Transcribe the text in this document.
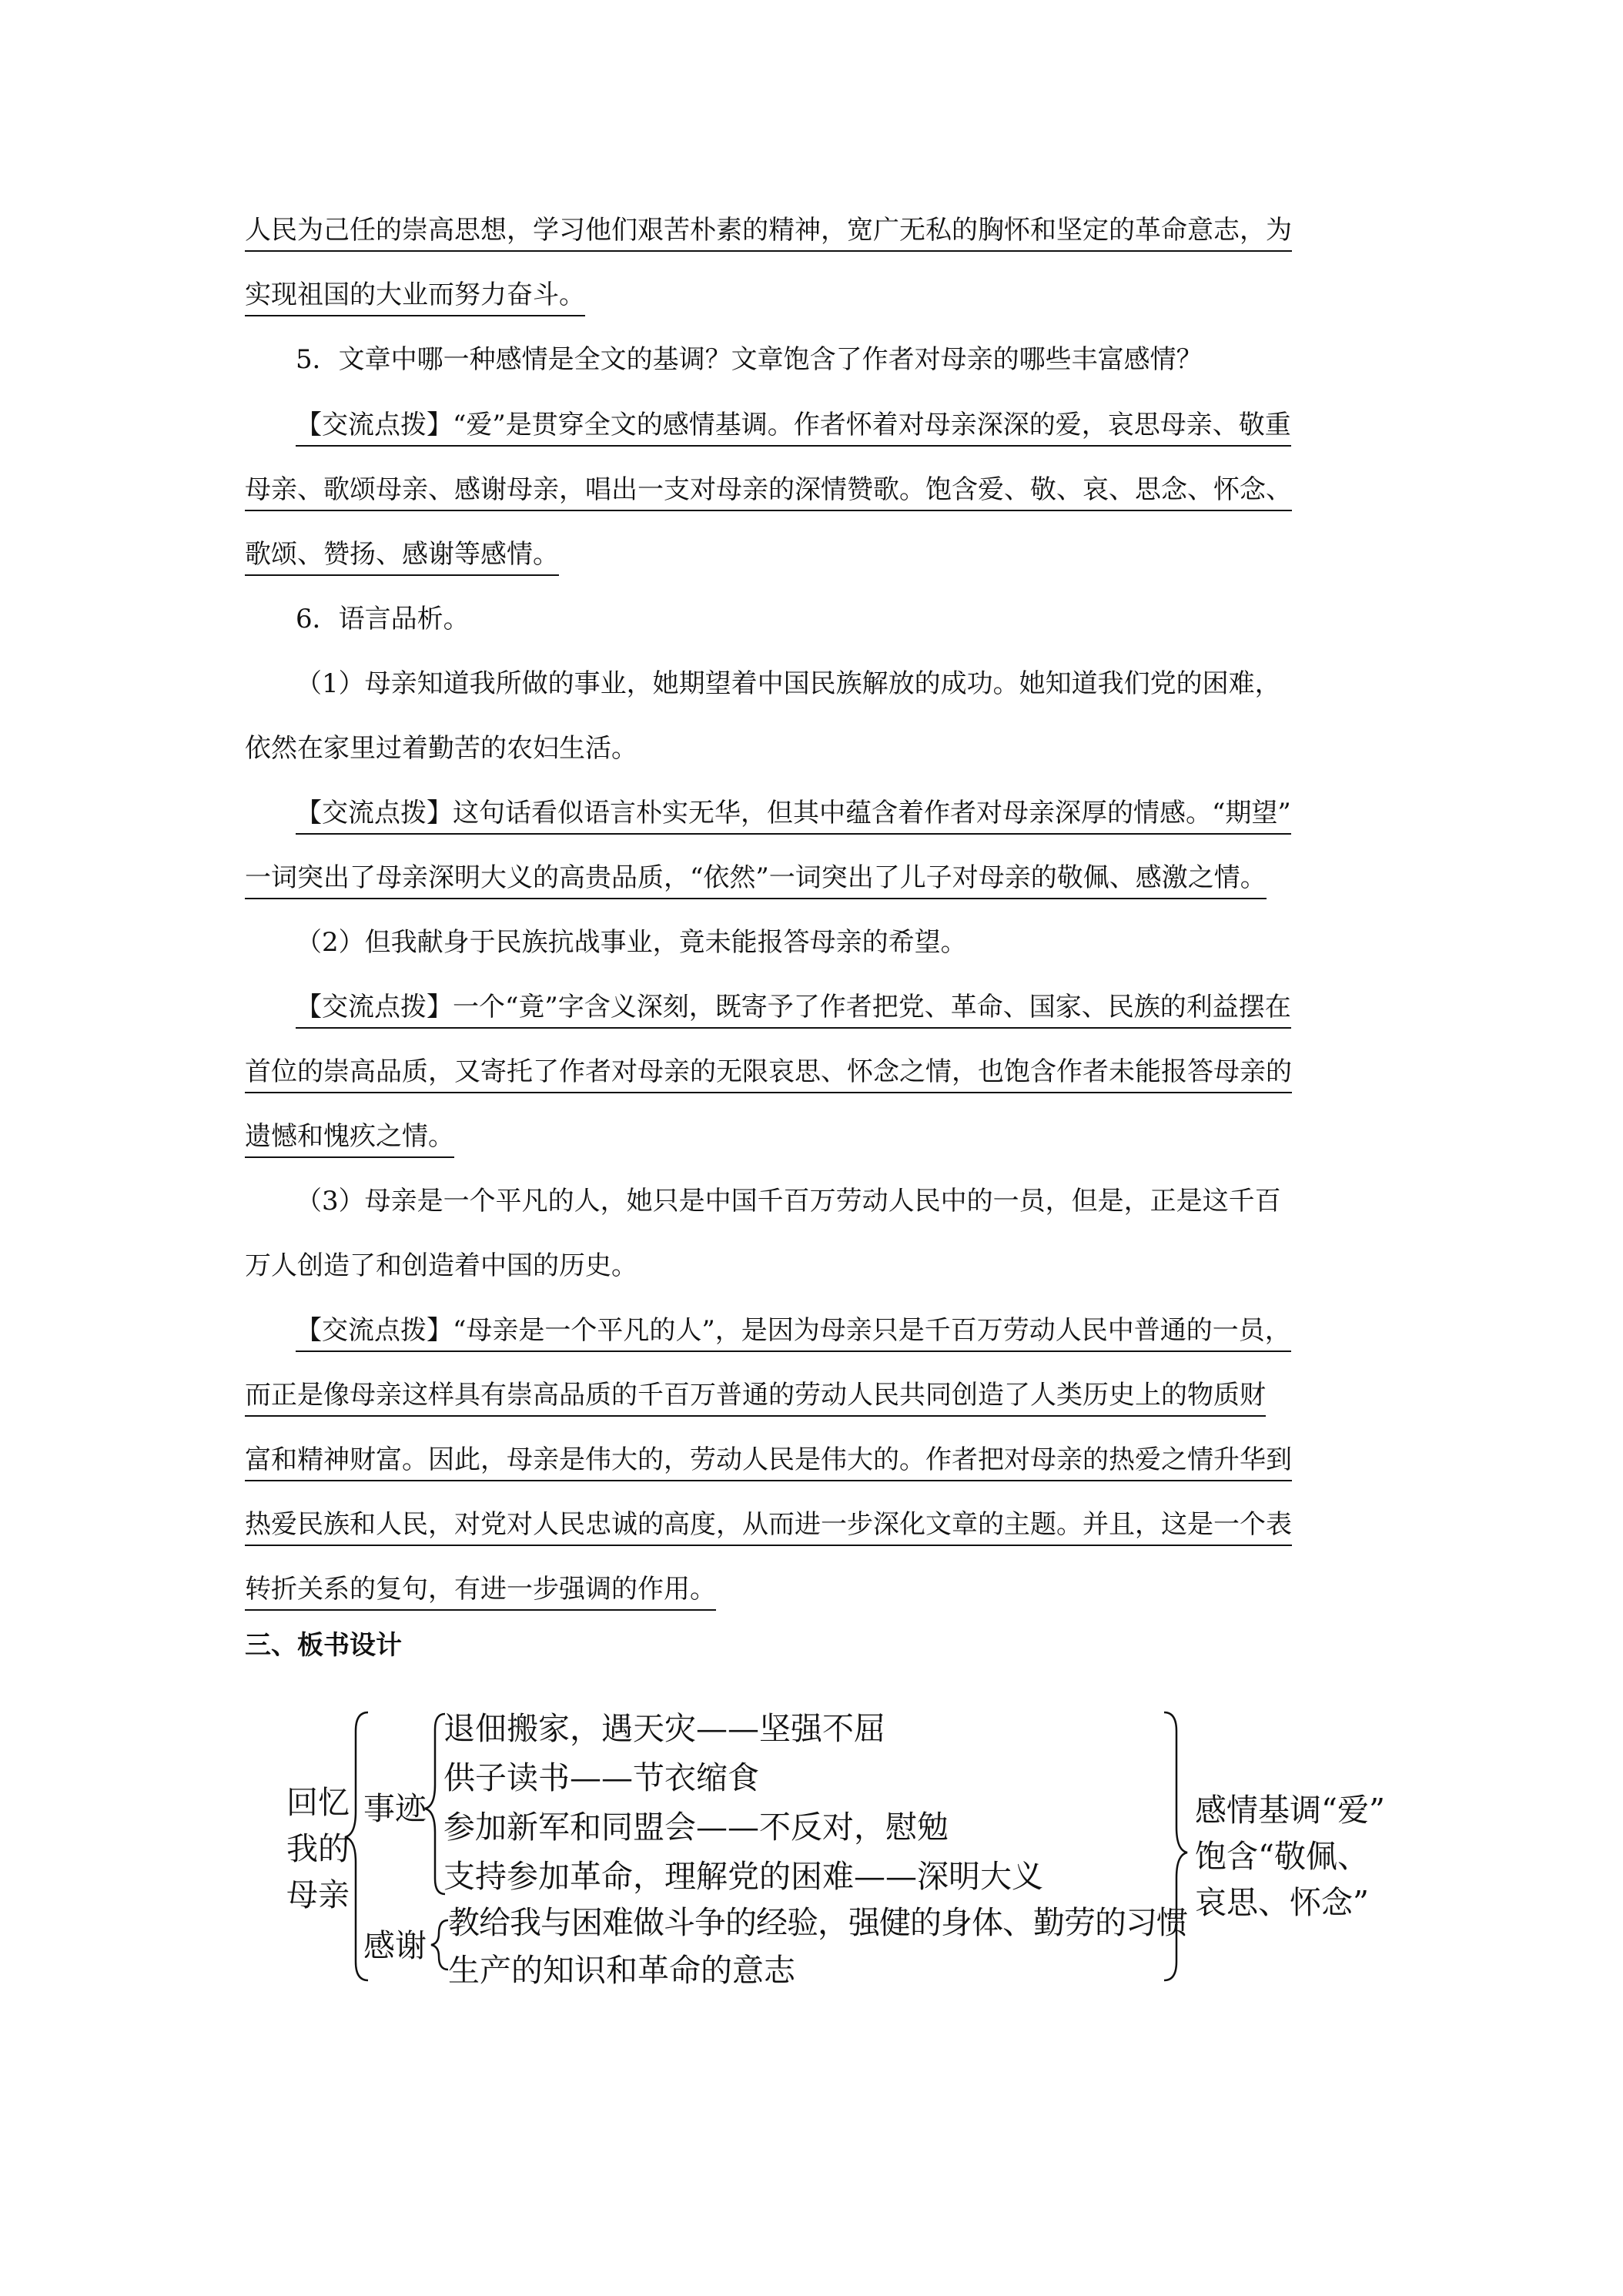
人民为己任的崇高思想，学习他们艰苦朴素的精神，宽广无私的胸怀和坚定的革命意志，为
实现祖国的大业而努力奋斗。
5．文章中哪一种感情是全文的基调？文章饱含了作者对母亲的哪些丰富感情？
【交流点拨】“爱”是贯穿全文的感情基调。作者怀着对母亲深深的爱，哀思母亲、敬重
母亲、歌颂母亲、感谢母亲，唱出一支对母亲的深情赞歌。饱含爱、敬、哀、思念、怀念、
歌颂、赞扬、感谢等感情。
6．语言品析。
（1）母亲知道我所做的事业，她期望着中国民族解放的成功。她知道我们党的困难，
依然在家里过着勤苦的农妇生活。
【交流点拨】这句话看似语言朴实无华，但其中蕴含着作者对母亲深厚的情感。“期望”
一词突出了母亲深明大义的高贵品质，“依然”一词突出了儿子对母亲的敬佩、感激之情。
（2）但我献身于民族抗战事业，竟未能报答母亲的希望。
【交流点拨】一个“竟”字含义深刻，既寄予了作者把党、革命、国家、民族的利益摆在
首位的崇高品质，又寄托了作者对母亲的无限哀思、怀念之情，也饱含作者未能报答母亲的
遗憾和愧疚之情。
（3）母亲是一个平凡的人，她只是中国千百万劳动人民中的一员，但是，正是这千百
万人创造了和创造着中国的历史。
【交流点拨】“母亲是一个平凡的人”，是因为母亲只是千百万劳动人民中普通的一员，
而正是像母亲这样具有崇高品质的千百万普通的劳动人民共同创造了人类历史上的物质财
富和精神财富。因此，母亲是伟大的，劳动人民是伟大的。作者把对母亲的热爱之情升华到
热爱民族和人民，对党对人民忠诚的高度，从而进一步深化文章的主题。并且，这是一个表
转折关系的复句，有进一步强调的作用。
三、板书设计
回忆
我的
母亲
事迹
退佃搬家，遇天灾——坚强不屈
供子读书——节衣缩食
参加新军和同盟会——不反对，慰勉
支持参加革命，理解党的困难——深明大义
感谢
教给我与困难做斗争的经验，强健的身体、勤劳的习惯
生产的知识和革命的意志
感情基调“爱”
饱含“敬佩、
哀思、怀念”
